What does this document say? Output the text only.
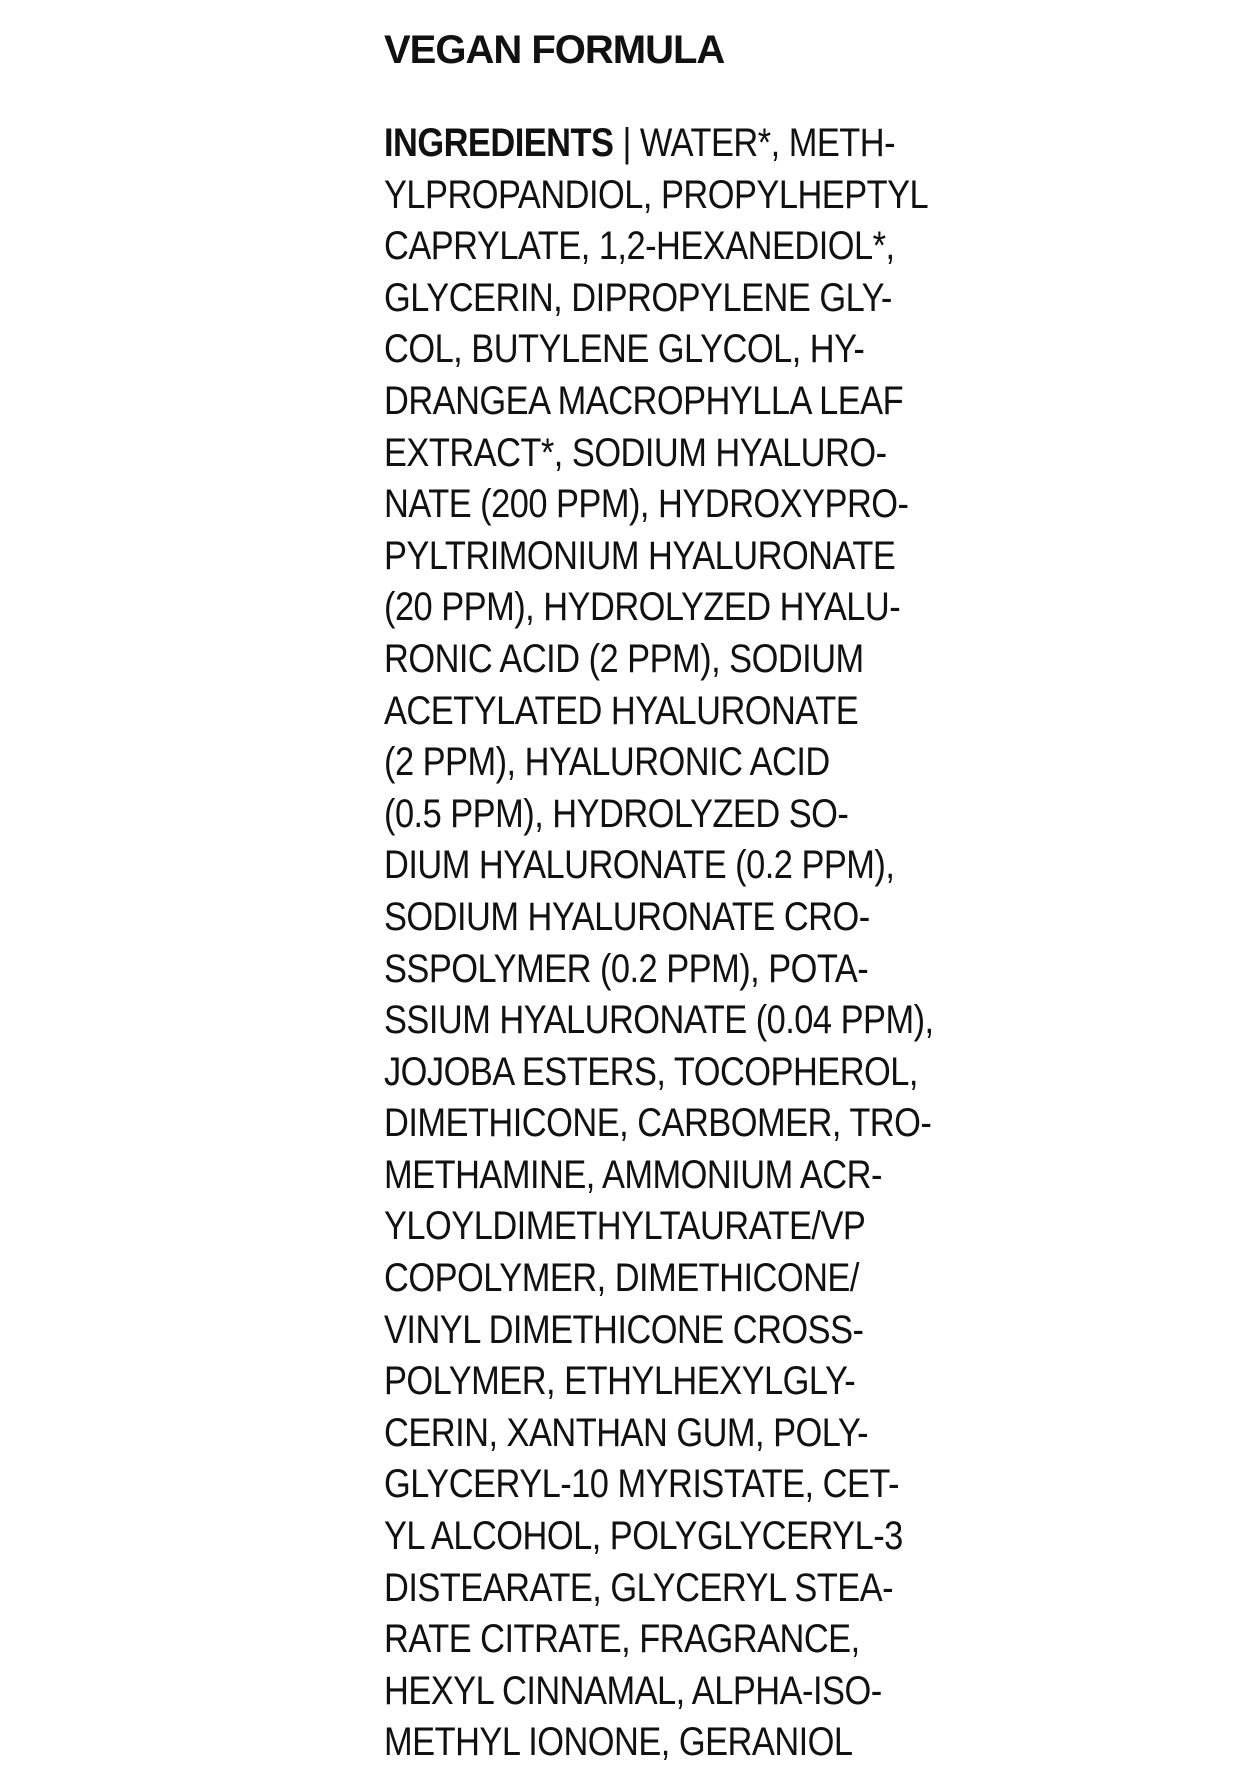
VEGAN FORMULA
INGREDIENTS | WATER*, METH-
YLPROPANDIOL, PROPYLHEPTYL
CAPRYLATE, 1,2-HEXANEDIOL*,
GLYCERIN, DIPROPYLENE GLY-
COL, BUTYLENE GLYCOL, HY-
DRANGEA MACROPHYLLA LEAF
EXTRACT*, SODIUM HYALURO-
NATE (200 PPM), HYDROXYPRO-
PYLTRIMONIUM HYALURONATE
(20 PPM), HYDROLYZED HYALU-
RONIC ACID (2 PPM), SODIUM
ACETYLATED HYALURONATE
(2 PPM), HYALURONIC ACID
(0.5 PPM), HYDROLYZED SO-
DIUM HYALURONATE (0.2 PPM),
SODIUM HYALURONATE CRO-
SSPOLYMER (0.2 PPM), POTA-
SSIUM HYALURONATE (0.04 PPM),
JOJOBA ESTERS, TOCOPHEROL,
DIMETHICONE, CARBOMER, TRO-
METHAMINE, AMMONIUM ACR-
YLOYLDIMETHYLTAURATE/VP
COPOLYMER, DIMETHICONE/
VINYL DIMETHICONE CROSS-
POLYMER, ETHYLHEXYLGLY-
CERIN, XANTHAN GUM, POLY-
GLYCERYL-10 MYRISTATE, CET-
YL ALCOHOL, POLYGLYCERYL-3
DISTEARATE, GLYCERYL STEA-
RATE CITRATE, FRAGRANCE,
HEXYL CINNAMAL, ALPHA-ISO-
METHYL IONONE, GERANIOL
